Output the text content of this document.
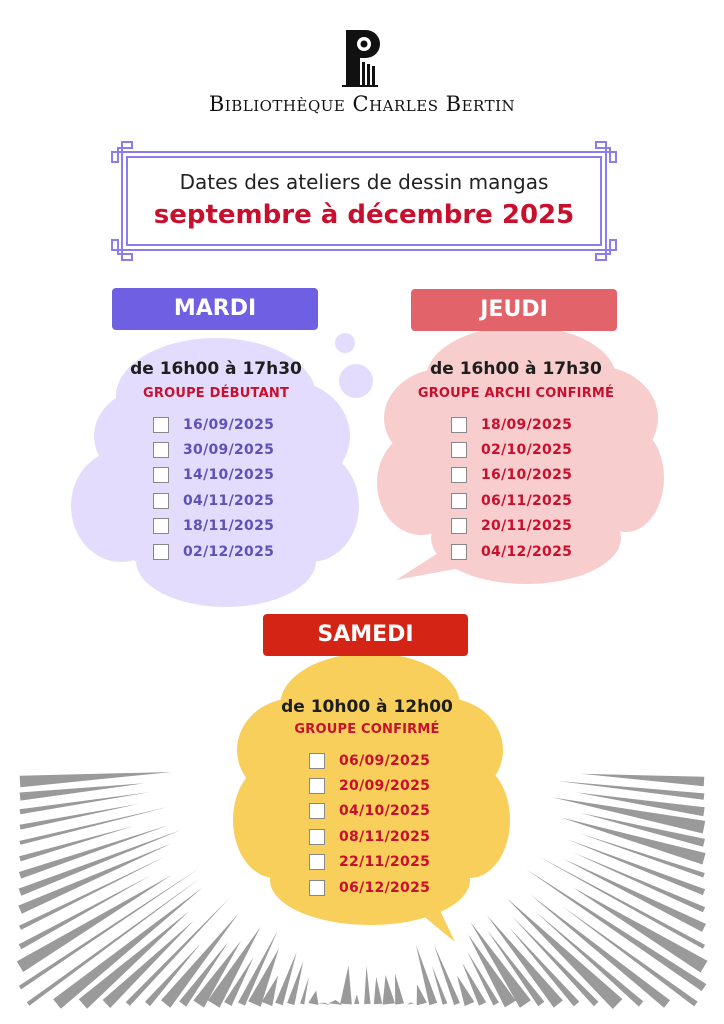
Bibliothèque Charles Bertin
Dates des ateliers de dessin mangas
septembre à décembre 2025
MARDI
de 16h00 à 17h30
GROUPE DÉBUTANT
16/09/2025
30/09/2025
14/10/2025
04/11/2025
18/11/2025
02/12/2025
JEUDI
de 16h00 à 17h30
GROUPE ARCHI CONFIRMÉ
18/09/2025
02/10/2025
16/10/2025
06/11/2025
20/11/2025
04/12/2025
SAMEDI
de 10h00 à 12h00
GROUPE CONFIRMÉ
06/09/2025
20/09/2025
04/10/2025
08/11/2025
22/11/2025
06/12/2025
